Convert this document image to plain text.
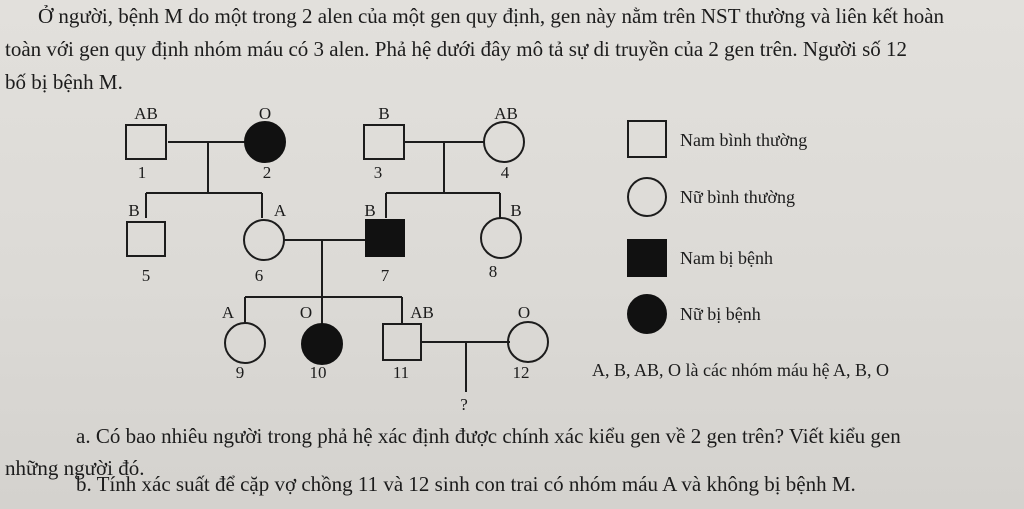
Ở người, bệnh M do một trong 2 alen của một gen quy định, gen này nằm trên NST thường và liên kết hoàn
toàn với gen quy định nhóm máu có 3 alen. Phả hệ dưới đây mô tả sự di truyền của 2 gen trên. Người số 12
bố bị bệnh M.
AB	O	B	AB
B	A	B	B
A	O	AB	O
1	2	3	4
5	6	7	8
9	10	11	12
?
Nam bình thường
Nữ bình thường
Nam bị bệnh
Nữ bị bệnh
A, B, AB, O là các nhóm máu hệ A, B, O
a. Có bao nhiêu người trong phả hệ xác định được chính xác kiểu gen về 2 gen trên? Viết kiểu gen
những người đó.
b. Tính xác suất để cặp vợ chồng 11 và 12 sinh con trai có nhóm máu A và không bị bệnh M.
